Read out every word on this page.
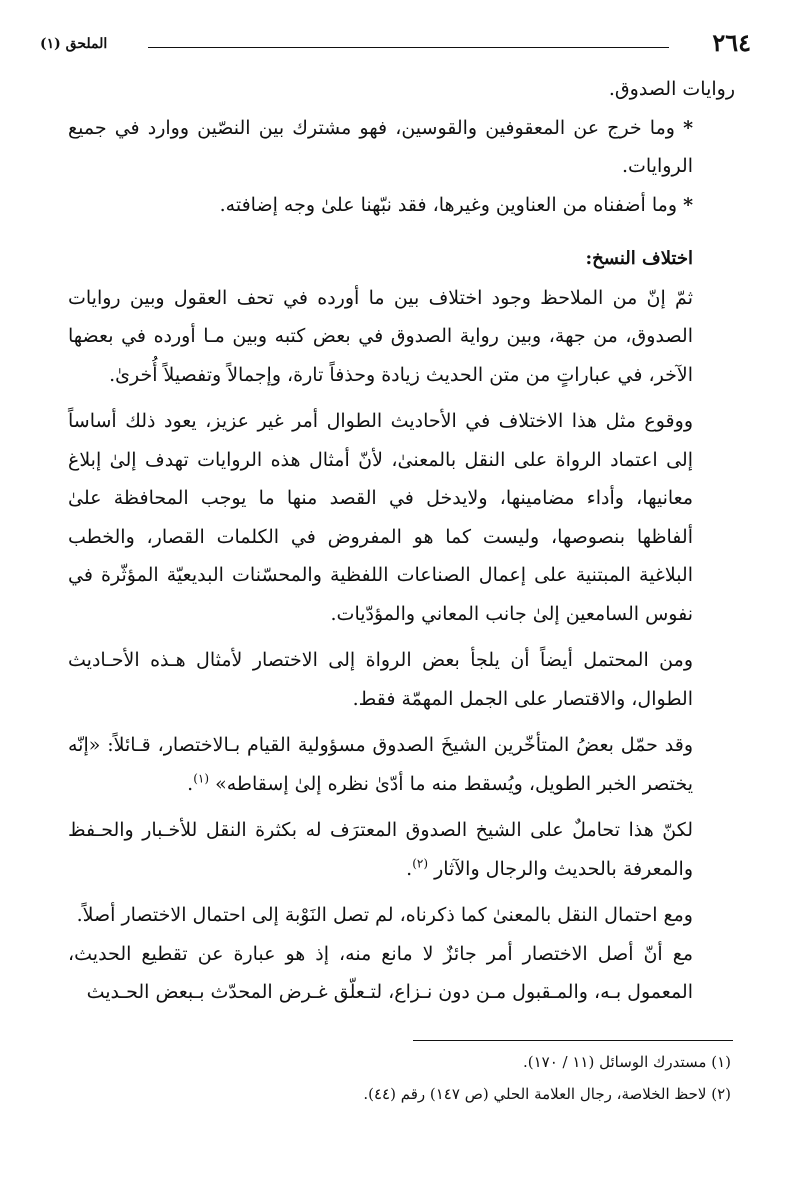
٢٦٤
الملحق (١)

روايات الصدوق.

* وما خرج عن المعقوفين والقوسين، فهو مشترك بين النصّين ووارد في جميع الروايات.

* وما أضفناه من العناوين وغيرها، فقد نبّهنا علىٰ وجه إضافته.

اختلاف النسخ:

ثمّ إنّ من الملاحظ وجود اختلاف بين ما أورده في تحف العقول وبين روايات الصدوق، من جهة، وبين رواية الصدوق في بعض كتبه وبين مـا أورده في بعضها الآخر، في عباراتٍ من متن الحديث زيادة وحذفاً تارة، وإجمالاً وتفصيلاً أُخرىٰ.

ووقوع مثل هذا الاختلاف في الأحاديث الطوال أمر غير عزيز، يعود ذلك أساساً إلى اعتماد الرواة على النقل بالمعنىٰ، لأنّ أمثال هذه الروايات تهدف إلىٰ إبلاغ معانيها، وأداء مضامينها، ولايدخل في القصد منها ما يوجب المحافظة علىٰ ألفاظها بنصوصها، وليست كما هو المفروض في الكلمات القصار، والخطب البلاغية المبتنية على إعمال الصناعات اللفظية والمحسّنات البديعيّة المؤثّرة في نفوس السامعين إلىٰ جانب المعاني والمؤدّيات.

ومن المحتمل أيضاً أن يلجأ بعض الرواة إلى الاختصار لأمثال هـذه الأحـاديث الطوال، والاقتصار على الجمل المهمّة فقط.

وقد حمّل بعضُ المتأخّرين الشيخَ الصدوق مسؤولية القيام بـالاختصار، قـائلاً: «إنّه يختصر الخبر الطويل، ويُسقط منه ما أدّىٰ نظره إلىٰ إسقاطه» $^{(١)}$.

لكنّ هذا تحاملٌ على الشيخ الصدوق المعترَف له بكثرة النقل للأخـبار والحـفظ والمعرفة بالحديث والرجال والآثار $^{(٢)}$.

ومع احتمال النقل بالمعنىٰ كما ذكرناه، لم تصل النَوْبة إلى احتمال الاختصار أصلاً.

مع أنّ أصل الاختصار أمر جائزٌ لا مانع منه، إذ هو عبارة عن تقطيع الحديث، المعمول بـه، والمـقبول مـن دون نـزاع، لتـعلّق غـرض المحدّث بـبعض الحـديث

(١) مستدرك الوسائل (١١ / ١٧٠).

(٢) لاحظ الخلاصة، رجال العلامة الحلي (ص ١٤٧) رقم (٤٤).
